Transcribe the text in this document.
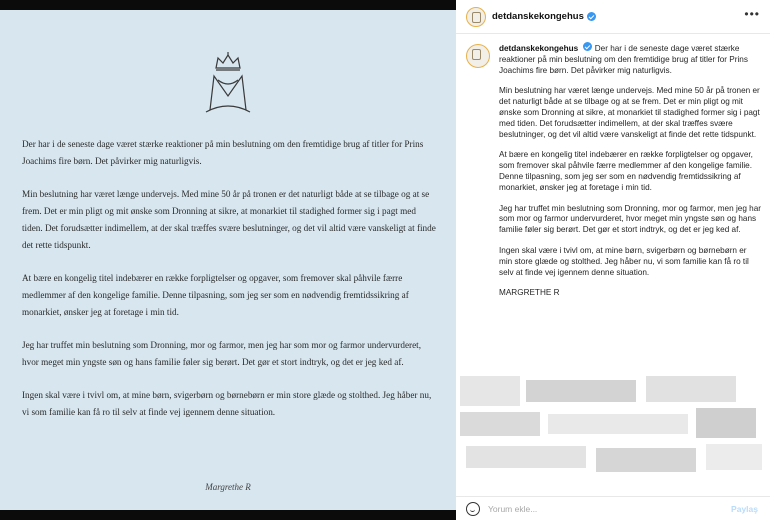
Der har i de seneste dage været stærke reaktioner på min beslutning om den fremtidige brug af titler for Prins Joachims fire børn. Det påvirker mig naturligvis.

Min beslutning har været længe undervejs. Med mine 50 år på tronen er det naturligt både at se tilbage og at se frem. Det er min pligt og mit ønske som Dronning at sikre, at monarkiet til stadighed former sig i pagt med tiden. Det forudsætter indimellem, at der skal træffes svære beslutninger, og det vil altid være vanskeligt at finde det rette tidspunkt.

At bære en kongelig titel indebærer en række forpligtelser og opgaver, som fremover skal påhvile færre medlemmer af den kongelige familie. Denne tilpasning, som jeg ser som en nødvendig fremtidssikring af monarkiet, ønsker jeg at foretage i min tid.

Jeg har truffet min beslutning som Dronning, mor og farmor, men jeg har som mor og farmor undervurderet, hvor meget min yngste søn og hans familie føler sig berørt. Det gør et stort indtryk, og det er jeg ked af.

Ingen skal være i tvivl om, at mine børn, svigerbørn og børnebørn er min store glæde og stolthed. Jeg håber nu, vi som familie kan få ro til selv at finde vej igennem denne situation.

Margrethe R
detdanskekongehus	•••

detdanskekongehus Der har i de seneste dage været stærke reaktioner på min beslutning om den fremtidige brug af titler for Prins Joachims fire børn. Det påvirker mig naturligvis.

Min beslutning har været længe undervejs. Med mine 50 år på tronen er det naturligt både at se tilbage og at se frem. Det er min pligt og mit ønske som Dronning at sikre, at monarkiet til stadighed former sig i pagt med tiden. Det forudsætter indimellem, at der skal træffes svære beslutninger, og det vil altid være vanskeligt at finde det rette tidspunkt.

At bære en kongelig titel indebærer en række forpligtelser og opgaver, som fremover skal påhvile færre medlemmer af den kongelige familie. Denne tilpasning, som jeg ser som en nødvendig fremtidssikring af monarkiet, ønsker jeg at foretage i min tid.

Jeg har truffet min beslutning som Dronning, mor og farmor, men jeg har som mor og farmor undervurderet, hvor meget min yngste søn og hans familie føler sig berørt. Det gør et stort indtryk, og det er jeg ked af.

Ingen skal være i tvivl om, at mine børn, svigerbørn og børnebørn er min store glæde og stolthed. Jeg håber nu, vi som familie kan få ro til selv at finde vej igennem denne situation.

MARGRETHE R

Yorum ekle...	Paylaş
